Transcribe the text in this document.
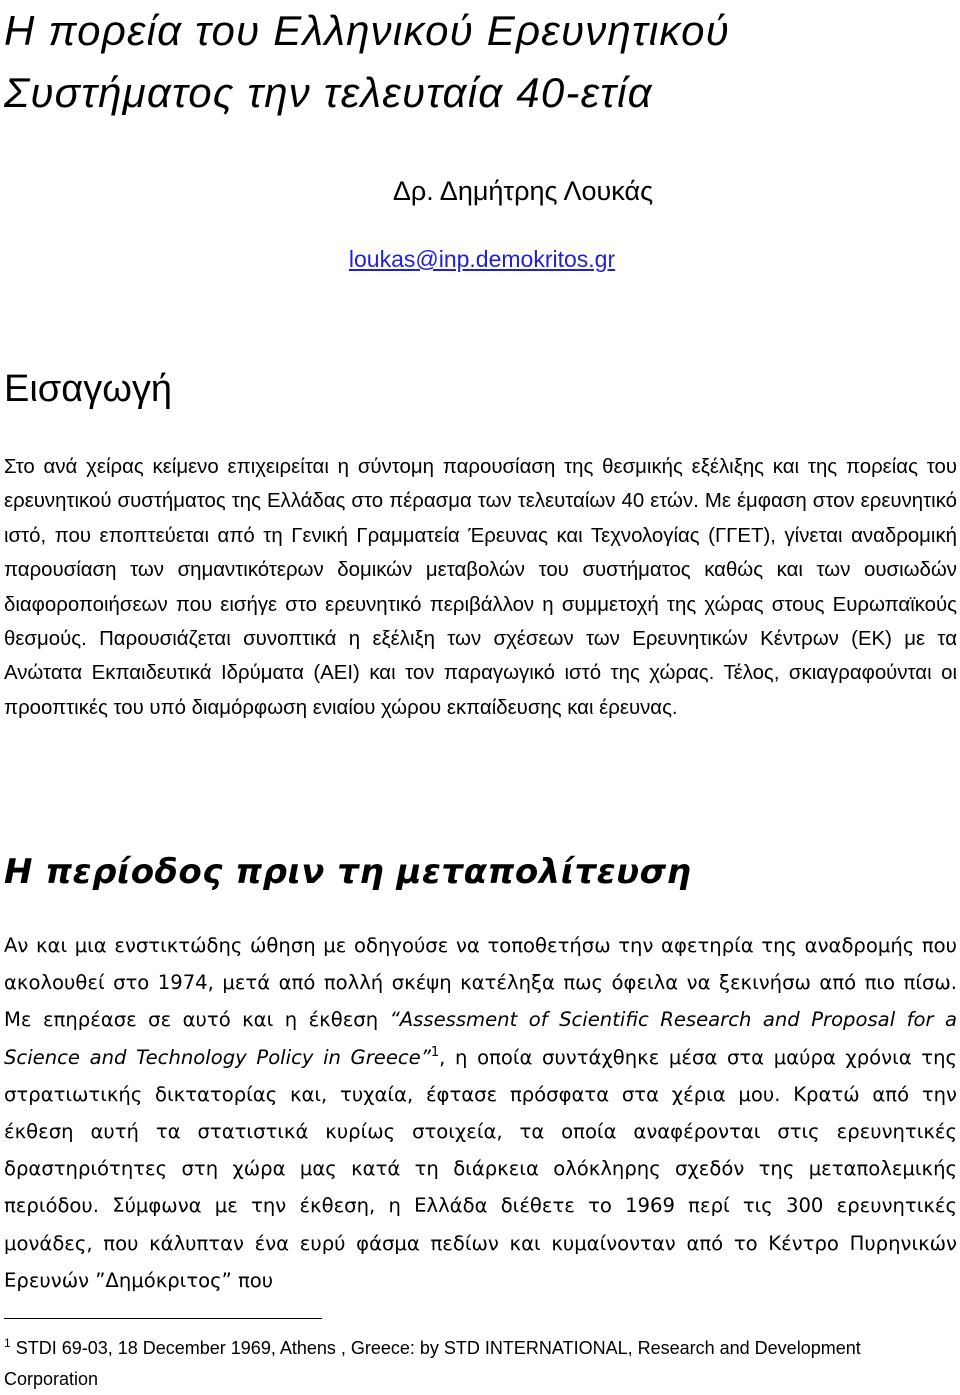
Η πορεία του Ελληνικού Ερευνητικού
Συστήματος την τελευταία 40-ετία
Δρ. Δημήτρης Λουκάς
loukas@inp.demokritos.gr
Εισαγωγή

Στο ανά χείρας κείμενο επιχειρείται η σύντομη παρουσίαση της θεσμικής εξέλιξης και της πορείας του ερευνητικού συστήματος της Ελλάδας στο πέρασμα των τελευταίων 40 ετών. Με έμφαση στον ερευνητικό ιστό, που εποπτεύεται από τη Γενική Γραμματεία Έρευνας και Τεχνολογίας (ΓΓΕΤ), γίνεται αναδρομική παρουσίαση των σημαντικότερων δομικών μεταβολών του συστήματος καθώς και των ουσιωδών διαφοροποιήσεων που εισήγε στο ερευνητικό περιβάλλον η συμμετοχή της χώρας στους Ευρωπαϊκούς θεσμούς. Παρουσιάζεται συνοπτικά η εξέλιξη των σχέσεων των Ερευνητικών Κέντρων (ΕΚ) με τα Ανώτατα Εκπαιδευτικά Ιδρύματα (ΑΕΙ) και τον παραγωγικό ιστό της χώρας. Τέλος, σκιαγραφούνται οι προοπτικές του υπό διαμόρφωση ενιαίου χώρου εκπαίδευσης και έρευνας.

Η περίοδος πριν τη μεταπολίτευση

Αν και μια ενστικτώδης ώθηση με οδηγούσε να τοποθετήσω την αφετηρία της αναδρομής που ακολουθεί στο 1974, μετά από πολλή σκέψη κατέληξα πως όφειλα να ξεκινήσω από πιο πίσω. Με επηρέασε σε αυτό και η έκθεση “Assessment of Scientific Research and Proposal for a Science and Technology Policy in Greece”$^1$, η οποία συντάχθηκε μέσα στα μαύρα χρόνια της στρατιωτικής δικτατορίας και, τυχαία, έφτασε πρόσφατα στα χέρια μου. Κρατώ από την έκθεση αυτή τα στατιστικά κυρίως στοιχεία, τα οποία αναφέρονται στις ερευνητικές δραστηριότητες στη χώρα μας κατά τη διάρκεια ολόκληρης σχεδόν της μεταπολεμικής περιόδου. Σύμφωνα με την έκθεση, η Ελλάδα διέθετε το 1969 περί τις 300 ερευνητικές μονάδες, που κάλυπταν ένα ευρύ φάσμα πεδίων και κυμαίνονταν από το Κέντρο Πυρηνικών Ερευνών ”Δημόκριτος” που

$^1$ STDI 69-03, 18 December 1969, Athens , Greece: by STD INTERNATIONAL, Research and Development Corporation
